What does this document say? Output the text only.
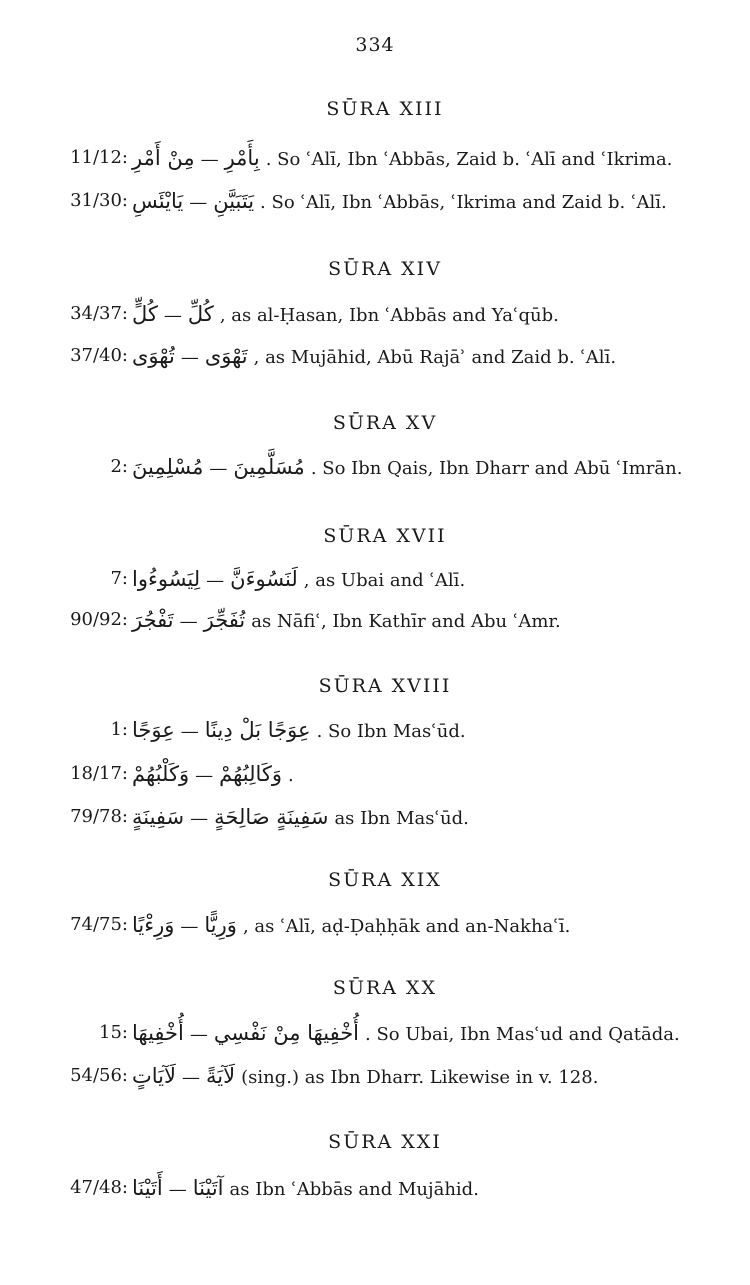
334
SŪRA XIII
11/12: مِنْ أَمْرِ — بِأَمْرِ . So ʿAlī, Ibn ʿAbbās, Zaid b. ʿAlī and ʿIkrima.
31/30: يَايْئَسِ — يَتَبَيَّنِ . So ʿAlī, Ibn ʿAbbās, ʿIkrima and Zaid b. ʿAlī.
SŪRA XIV
34/37: كُلٍّ — كُلِّ , as al-Ḥasan, Ibn ʿAbbās and Yaʿqūb.
37/40: تُهْوَى — تَهْوَى , as Mujāhid, Abū Rajāʾ and Zaid b. ʿAlī.
SŪRA XV
2: مُسْلِمِينَ — مُسَلَّمِينَ . So Ibn Qais, Ibn Dharr and Abū ʿImrān.
SŪRA XVII
7: لِيَسُوءُوا — لَنَسُوءَنَّ , as Ubai and ʿAlī.
90/92: تَفْجُرَ — تُفَجِّرَ as Nāfiʿ, Ibn Kathīr and Abu ʿAmr.
SŪRA XVIII
1: عِوَجًا — عِوَجًا بَلْ دِينًا . So Ibn Masʿūd.
18/17: وَكَلْبُهُمْ — وَكَالِبُهُمْ .
79/78: سَفِينَةٍ — سَفِينَةٍ صَالِحَةٍ as Ibn Masʿūd.
SŪRA XIX
74/75: وَرِءْيًا — وَرِيًّا , as ʿAlī, aḍ-Ḍaḥḥāk and an-Nakhaʿī.
SŪRA XX
15: أُخْفِيهَا — أُخْفِيهَا مِنْ نَفْسِي . So Ubai, Ibn Masʿud and Qatāda.
54/56: لَآيَاتٍ — لَآيَةً (sing.) as Ibn Dharr. Likewise in v. 128.
SŪRA XXI
47/48: أَتَيْنَا — آتَيْنَا as Ibn ʿAbbās and Mujāhid.
